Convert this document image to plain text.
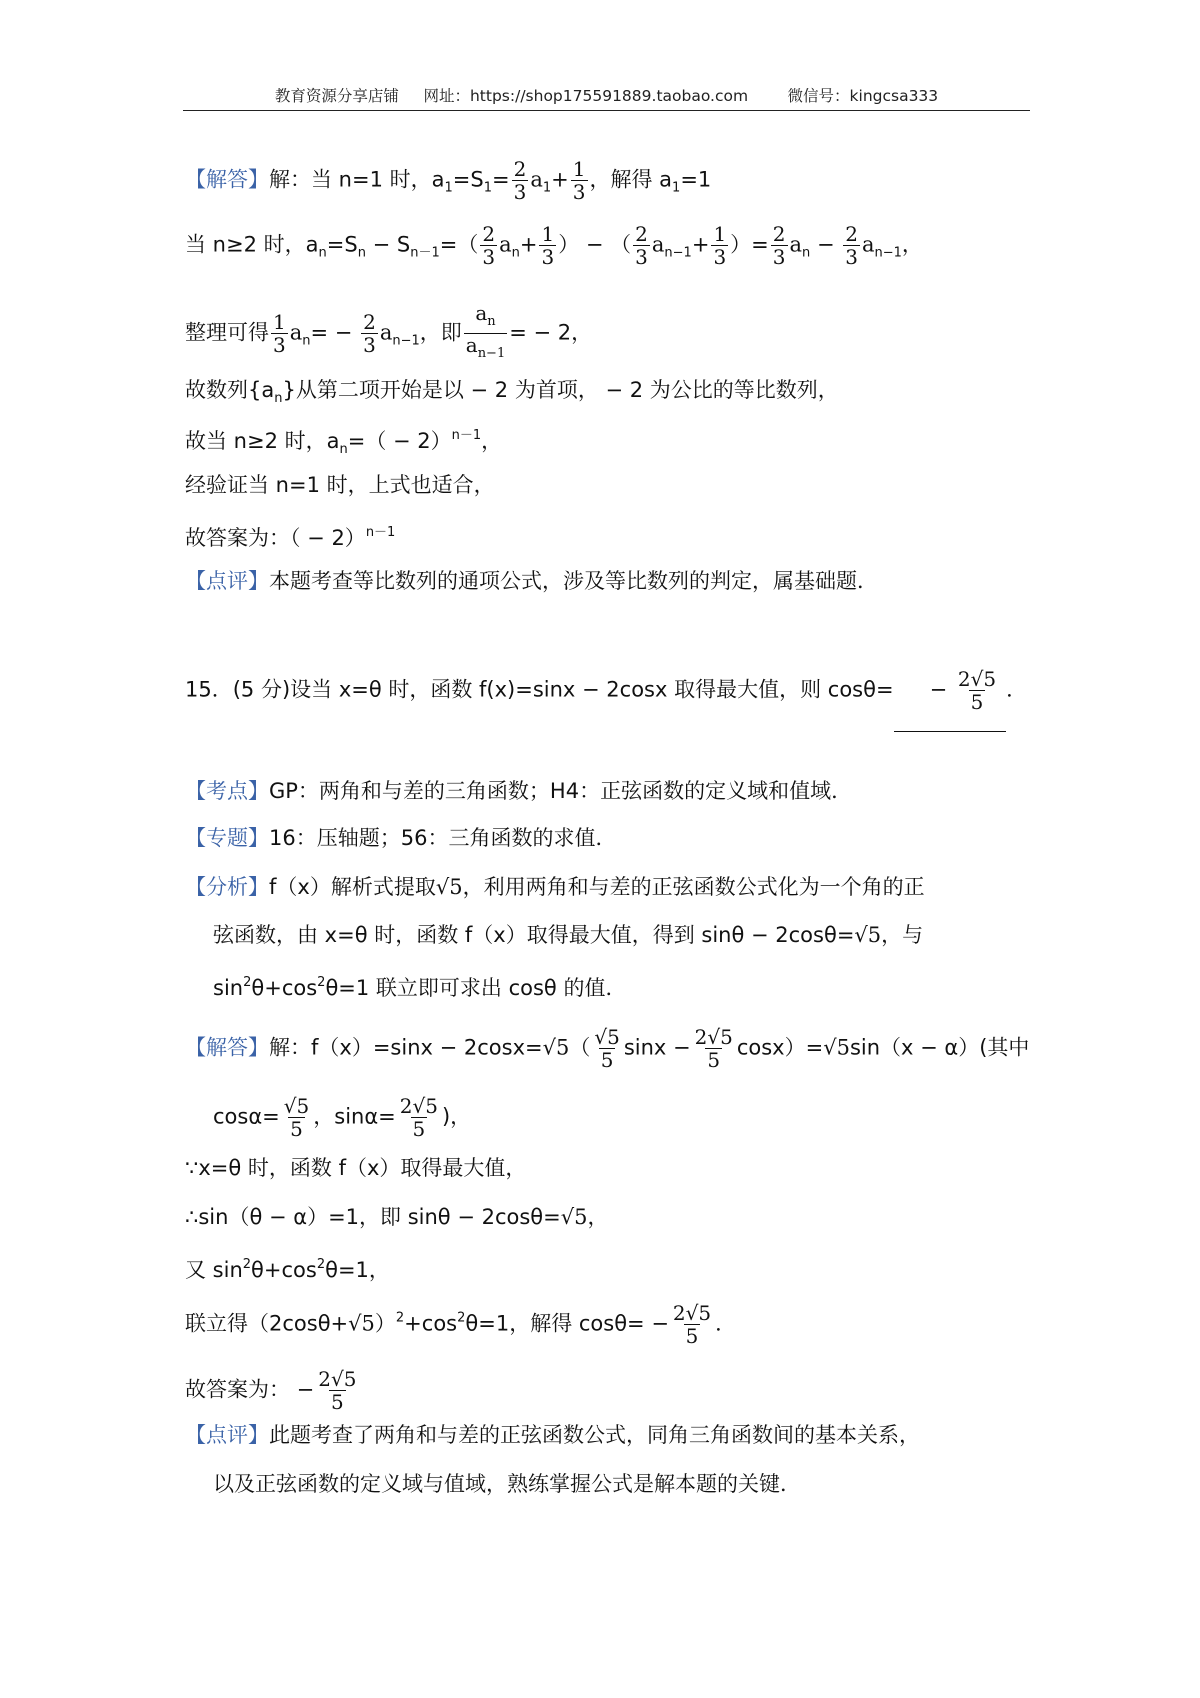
教育资源分享店铺 网址：https://shop175591889.taobao.com	微信号：kingcsa333
【解答】解：当 n=1 时，$a_1=S_1= \frac{2}{3} a_1+ \frac{1}{3}$ ，解得 $a_1=1$
当 n≥2 时，$a_n=S_n - S_{n-1}=( \frac{2}{3} a_n+ \frac{1}{3}$ ） − （ $\frac{2}{3} a_{n-1}+ \frac{1}{3}$ ）= $\frac{2}{3} a_n - \frac{2}{3} a_{n-1}$，
整理可得 $\frac{1}{3} a_n= - \frac{2}{3} a_{n-1}$，即 $\frac{a_n}{a_{n-1}}$ = − 2，
故数列$\{a_n\}$从第二项开始是以 − 2 为首项， − 2 为公比的等比数列，
故当 n≥2 时，$a_n=( - 2)^{n-1}$，
经验证当 n=1 时，上式也适合，
故答案为：（ − 2）$^{n-1}$
【点评】本题考查等比数列的通项公式，涉及等比数列的判定，属基础题．
15．(5 分)设当 x=θ 时，函数 f(x)=sinx − 2cosx 取得最大值，则 $\cos\theta= - \frac{2√5}{5}$ ．
【考点】GP：两角和与差的三角函数；H4：正弦函数的定义域和值域．
【专题】16：压轴题；56：三角函数的求值．
【分析】f（x）解析式提取√5，利用两角和与差的正弦函数公式化为一个角的正
弦函数，由 x=θ 时，函数 f（x）取得最大值，得到 sinθ − 2cosθ=√5，与
$\sin^2\theta+\cos^2\theta=1$ 联立即可求出 cosθ 的值．
【解答】解：$f(x)=\sin x - 2\cos x=√5( \frac{√5}{5}$ $\sin x - \frac{2√5}{5} \cos x)=√5\sin(x - \alpha)$(其中
$\cos\alpha= \frac{√5}{5}$ ，$\sin\alpha= \frac{2√5}{5}$ )，
∵x=θ 时，函数 f（x）取得最大值，
∴sin（θ − α）=1，即 sinθ − 2cosθ=√5，
又 $\sin^2\theta+\cos^2\theta=1$，
联立得$(2\cos\theta+√5)^2+\cos^2\theta=1$，解得 $\cos\theta= - \frac{2√5}{5}$ ．
故答案为： − $\frac{2√5}{5}$
【点评】此题考查了两角和与差的正弦函数公式，同角三角函数间的基本关系，
以及正弦函数的定义域与值域，熟练掌握公式是解本题的关键．
